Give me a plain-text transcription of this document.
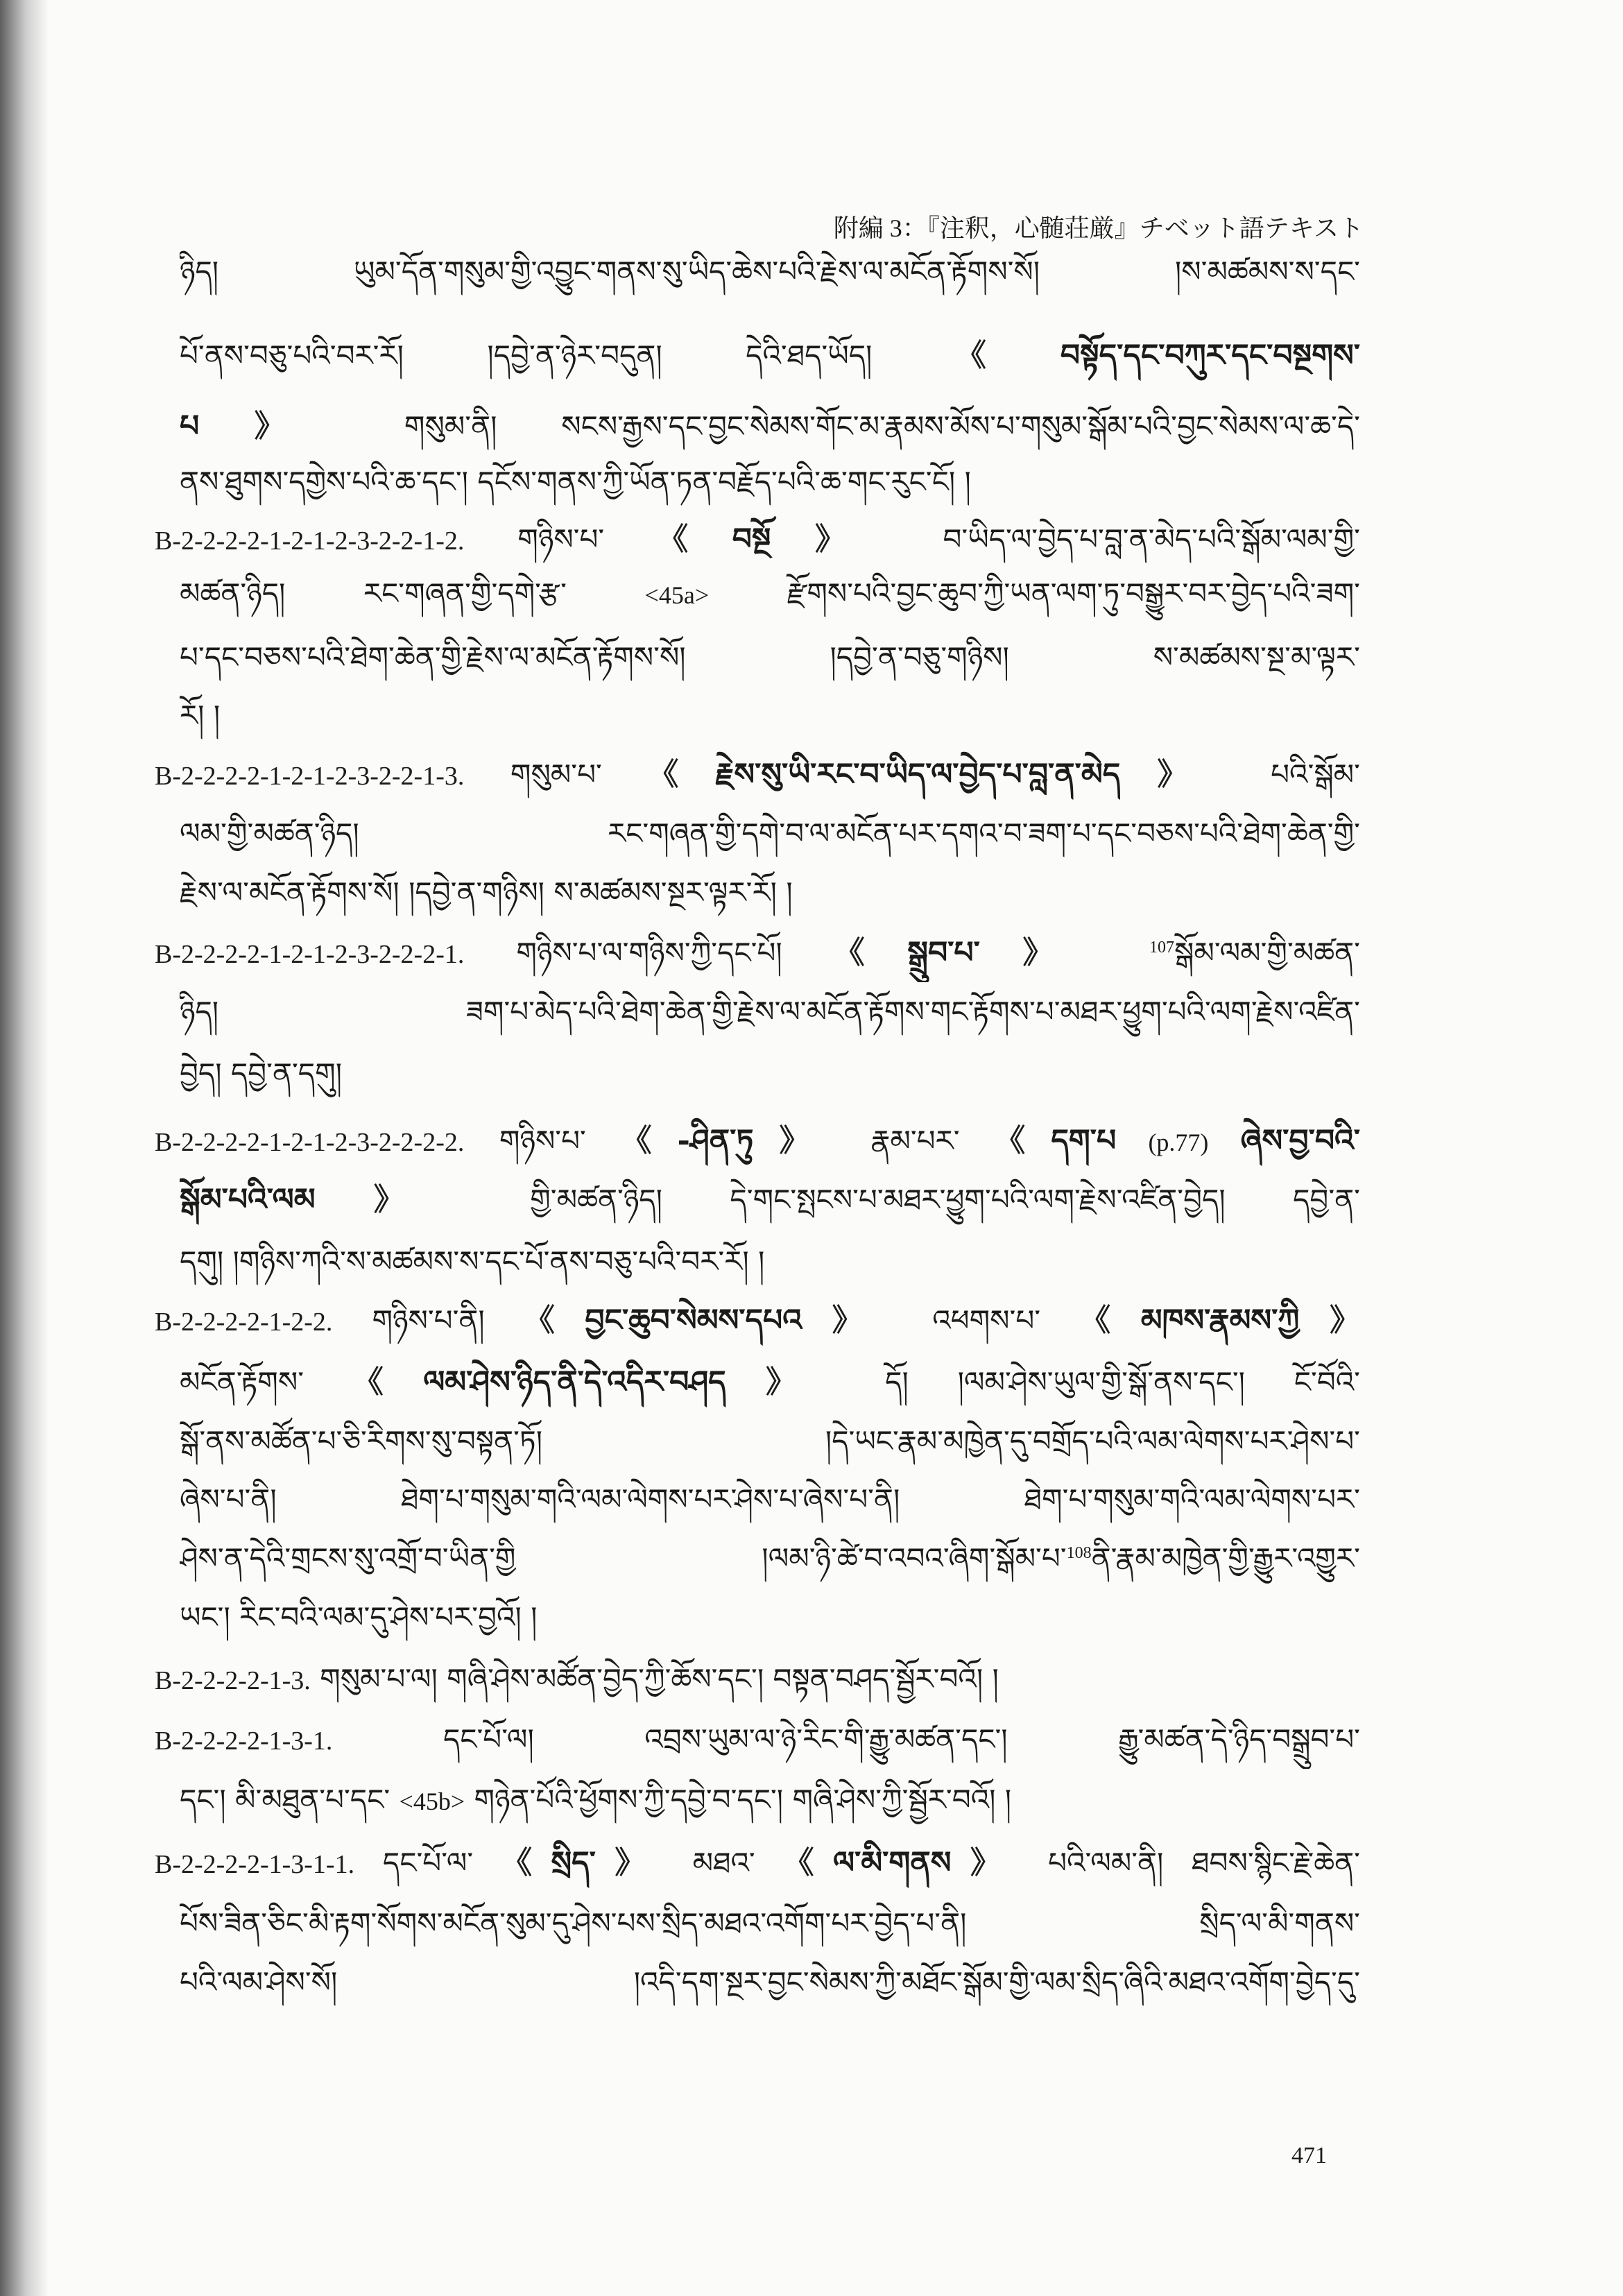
附編 3：『注釈，心髄荘厳』チベット語テキスト
ཉིད། ཡུམ་དོན་གསུམ་གྱི་འབྱུང་གནས་སུ་ཡིད་ཆེས་པའི་རྗེས་ལ་མངོན་རྟོགས་སོ། །ས་མཚམས་ས་དང་
པོ་ནས་བཅུ་པའི་བར་རོ། །དབྱེ་ན་ཉེར་བདུན། དེའི་ཐད་ཡོད། 《བསྟོད་དང་བཀུར་དང་བསྔགས་
པ》 གསུམ་ནི། སངས་རྒྱས་དང་བྱང་སེམས་གོང་མ་རྣམས་མོས་པ་གསུམ་སྒོམ་པའི་བྱང་སེམས་ལ་ཆ་དེ་
ནས་ཐུགས་དགྱེས་པའི་ཆ་དང་། དངོས་གནས་ཀྱི་ཡོན་ཏན་བརྗོད་པའི་ཆ་གང་རུང་ངོ། །
B-2-2-2-2-1-2-1-2-3-2-2-1-2. གཉིས་པ་ 《བསྔོ》 བ་ཡིད་ལ་བྱེད་པ་བླ་ན་མེད་པའི་སྒོམ་ལམ་གྱི་
མཚན་ཉིད། རང་གཞན་གྱི་དགེ་རྩ་ <45a> རྫོགས་པའི་བྱང་ཆུབ་ཀྱི་ཡན་ལག་ཏུ་བསྒྱུར་བར་བྱེད་པའི་ཟག་
པ་དང་བཅས་པའི་ཐེག་ཆེན་གྱི་རྗེས་ལ་མངོན་རྟོགས་སོ། །དབྱེ་ན་བཅུ་གཉིས། ས་མཚམས་སྔ་མ་ལྟར་
རོ། །
B-2-2-2-2-1-2-1-2-3-2-2-1-3. གསུམ་པ་ 《རྗེས་སུ་ཡི་རང་བ་ཡིད་ལ་བྱེད་པ་བླ་ན་མེད》 པའི་སྒོམ་
ལམ་གྱི་མཚན་ཉིད། རང་གཞན་གྱི་དགེ་བ་ལ་མངོན་པར་དགའ་བ་ཟག་པ་དང་བཅས་པའི་ཐེག་ཆེན་གྱི་
རྗེས་ལ་མངོན་རྟོགས་སོ། །དབྱེ་ན་གཉིས། ས་མཚམས་སྔར་ལྟར་རོ། །
B-2-2-2-2-1-2-1-2-3-2-2-2-1. གཉིས་པ་ལ་གཉིས་ཀྱི་དང་པོ། 《སྒྲུབ་པ་》 $^{107}$སྒོམ་ལམ་གྱི་མཚན་
ཉིད། ཟག་པ་མེད་པའི་ཐེག་ཆེན་གྱི་རྗེས་ལ་མངོན་རྟོགས་གང་རྟོགས་པ་མཐར་ཕྱུག་པའི་ལག་རྗེས་འཛིན་
བྱེད། དབྱེ་ན་དགུ།
B-2-2-2-2-1-2-1-2-3-2-2-2-2. གཉིས་པ་ 《-ཤིན་ཏུ》 རྣམ་པར་ 《དག་པ (p.77) ཞེས་བྱ་བའི་
སྒོམ་པའི་ལམ》 གྱི་མཚན་ཉིད། དེ་གང་སྤངས་པ་མཐར་ཕྱུག་པའི་ལག་རྗེས་འཛིན་བྱེད། དབྱེ་ན་
དགུ། །གཉིས་ཀའི་ས་མཚམས་ས་དང་པོ་ནས་བཅུ་པའི་བར་རོ། །
B-2-2-2-2-1-2-2. གཉིས་པ་ནི། 《བྱང་ཆུབ་སེམས་དཔའ》 འཕགས་པ་ 《མཁས་རྣམས་ཀྱི》
མངོན་རྟོགས་ 《ལམ་ཤེས་ཉིད་ནི་དེ་འདིར་བཤད》 དོ། །ལམ་ཤེས་ཡུལ་གྱི་སྒོ་ནས་དང་། ངོ་བོའི་
སྒོ་ནས་མཚོན་པ་ཅི་རིགས་སུ་བསྟན་ཏོ། །དེ་ཡང་རྣམ་མཁྱེན་དུ་བགྲོད་པའི་ལམ་ལེགས་པར་ཤེས་པ་
ཞེས་པ་ནི། ཐེག་པ་གསུམ་གའི་ལམ་ལེགས་པར་ཤེས་པ་ཞེས་པ་ནི། ཐེག་པ་གསུམ་གའི་ལམ་ལེགས་པར་
ཤེས་ན་དེའི་གྲངས་སུ་འགྲོ་བ་ཡིན་གྱི །ལམ་ཉི་ཚེ་བ་འབའ་ཞིག་སྒོམ་པ་$^{108}$ནི་རྣམ་མཁྱེན་གྱི་རྒྱུར་འགྱུར་
ཡང་། རིང་བའི་ལམ་དུ་ཤེས་པར་བྱའོ། །
B-2-2-2-2-1-3. གསུམ་པ་ལ། གཞི་ཤེས་མཚོན་བྱེད་ཀྱི་ཆོས་དང་། བསྟན་བཤད་སྦྱོར་བའོ། །
B-2-2-2-2-1-3-1. དང་པོ་ལ། འབྲས་ཡུམ་ལ་ཉེ་རིང་གི་རྒྱུ་མཚན་དང་། རྒྱུ་མཚན་དེ་ཉིད་བསྒྲུབ་པ་
དང་། མི་མཐུན་པ་དང་ <45b> གཉེན་པོའི་ཕྱོགས་ཀྱི་དབྱེ་བ་དང་། གཞི་ཤེས་ཀྱི་སྦྱོར་བའོ། །
B-2-2-2-2-1-3-1-1. དང་པོ་ལ་ 《སྲིད་》 མཐའ་ 《ལ་མི་གནས》 པའི་ལམ་ནི། ཐབས་སྙིང་རྗེ་ཆེན་
པོས་ཟིན་ཅིང་མི་རྟག་སོགས་མངོན་སུམ་དུ་ཤེས་པས་སྲིད་མཐའ་འགོག་པར་བྱེད་པ་ནི། སྲིད་ལ་མི་གནས་
པའི་ལམ་ཤེས་སོ། །འདི་དག་སྔར་བྱང་སེམས་ཀྱི་མཐོང་སྒོམ་གྱི་ལམ་སྲིད་ཞིའི་མཐའ་འགོག་བྱེད་དུ་
471
